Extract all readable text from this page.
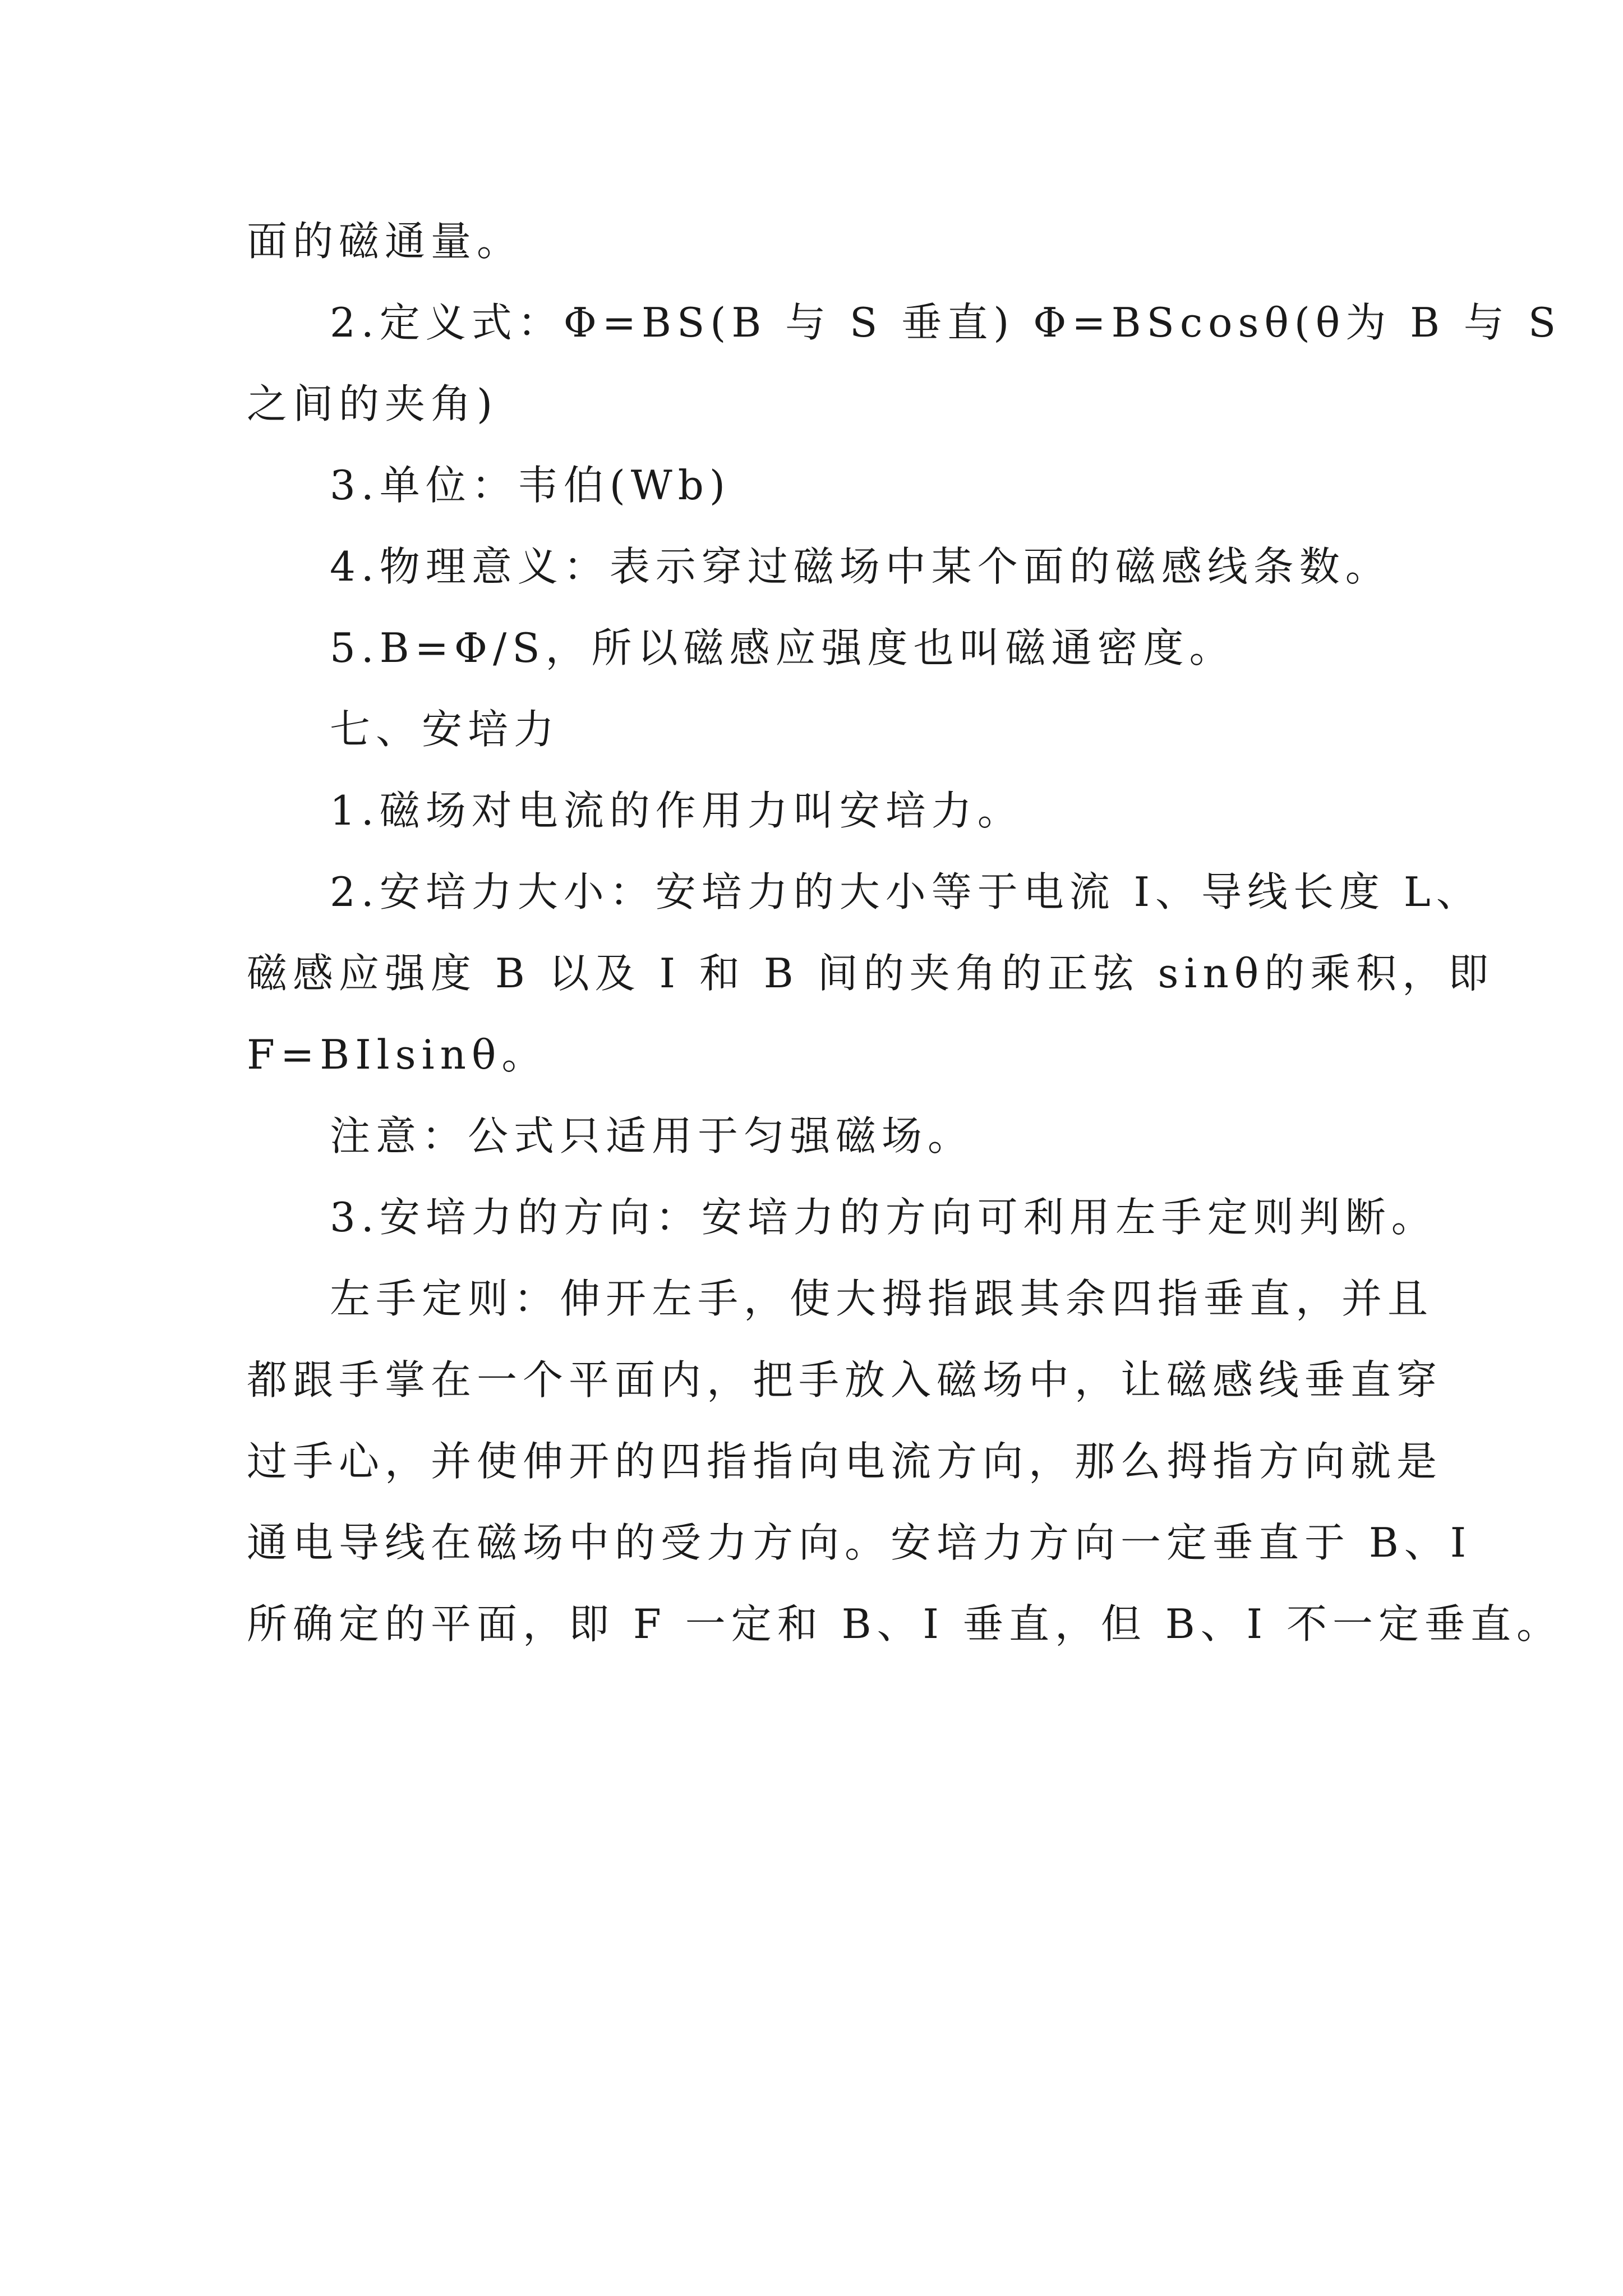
面的磁通量。

2.定义式：Φ=BS(B 与 S 垂直) Φ=BScosθ(θ为 B 与 S
之间的夹角)

3.单位：韦伯(Wb)

4.物理意义：表示穿过磁场中某个面的磁感线条数。

5.B=Φ/S，所以磁感应强度也叫磁通密度。

七、安培力

1.磁场对电流的作用力叫安培力。

2.安培力大小：安培力的大小等于电流 I、导线长度 L、
磁感应强度 B 以及 I 和 B 间的夹角的正弦 sinθ的乘积，即
F=BIlsinθ。

注意：公式只适用于匀强磁场。

3.安培力的方向：安培力的方向可利用左手定则判断。

左手定则：伸开左手，使大拇指跟其余四指垂直，并且
都跟手掌在一个平面内，把手放入磁场中，让磁感线垂直穿
过手心，并使伸开的四指指向电流方向，那么拇指方向就是
通电导线在磁场中的受力方向。安培力方向一定垂直于 B、I
所确定的平面，即 F 一定和 B、I 垂直，但 B、I 不一定垂直。
